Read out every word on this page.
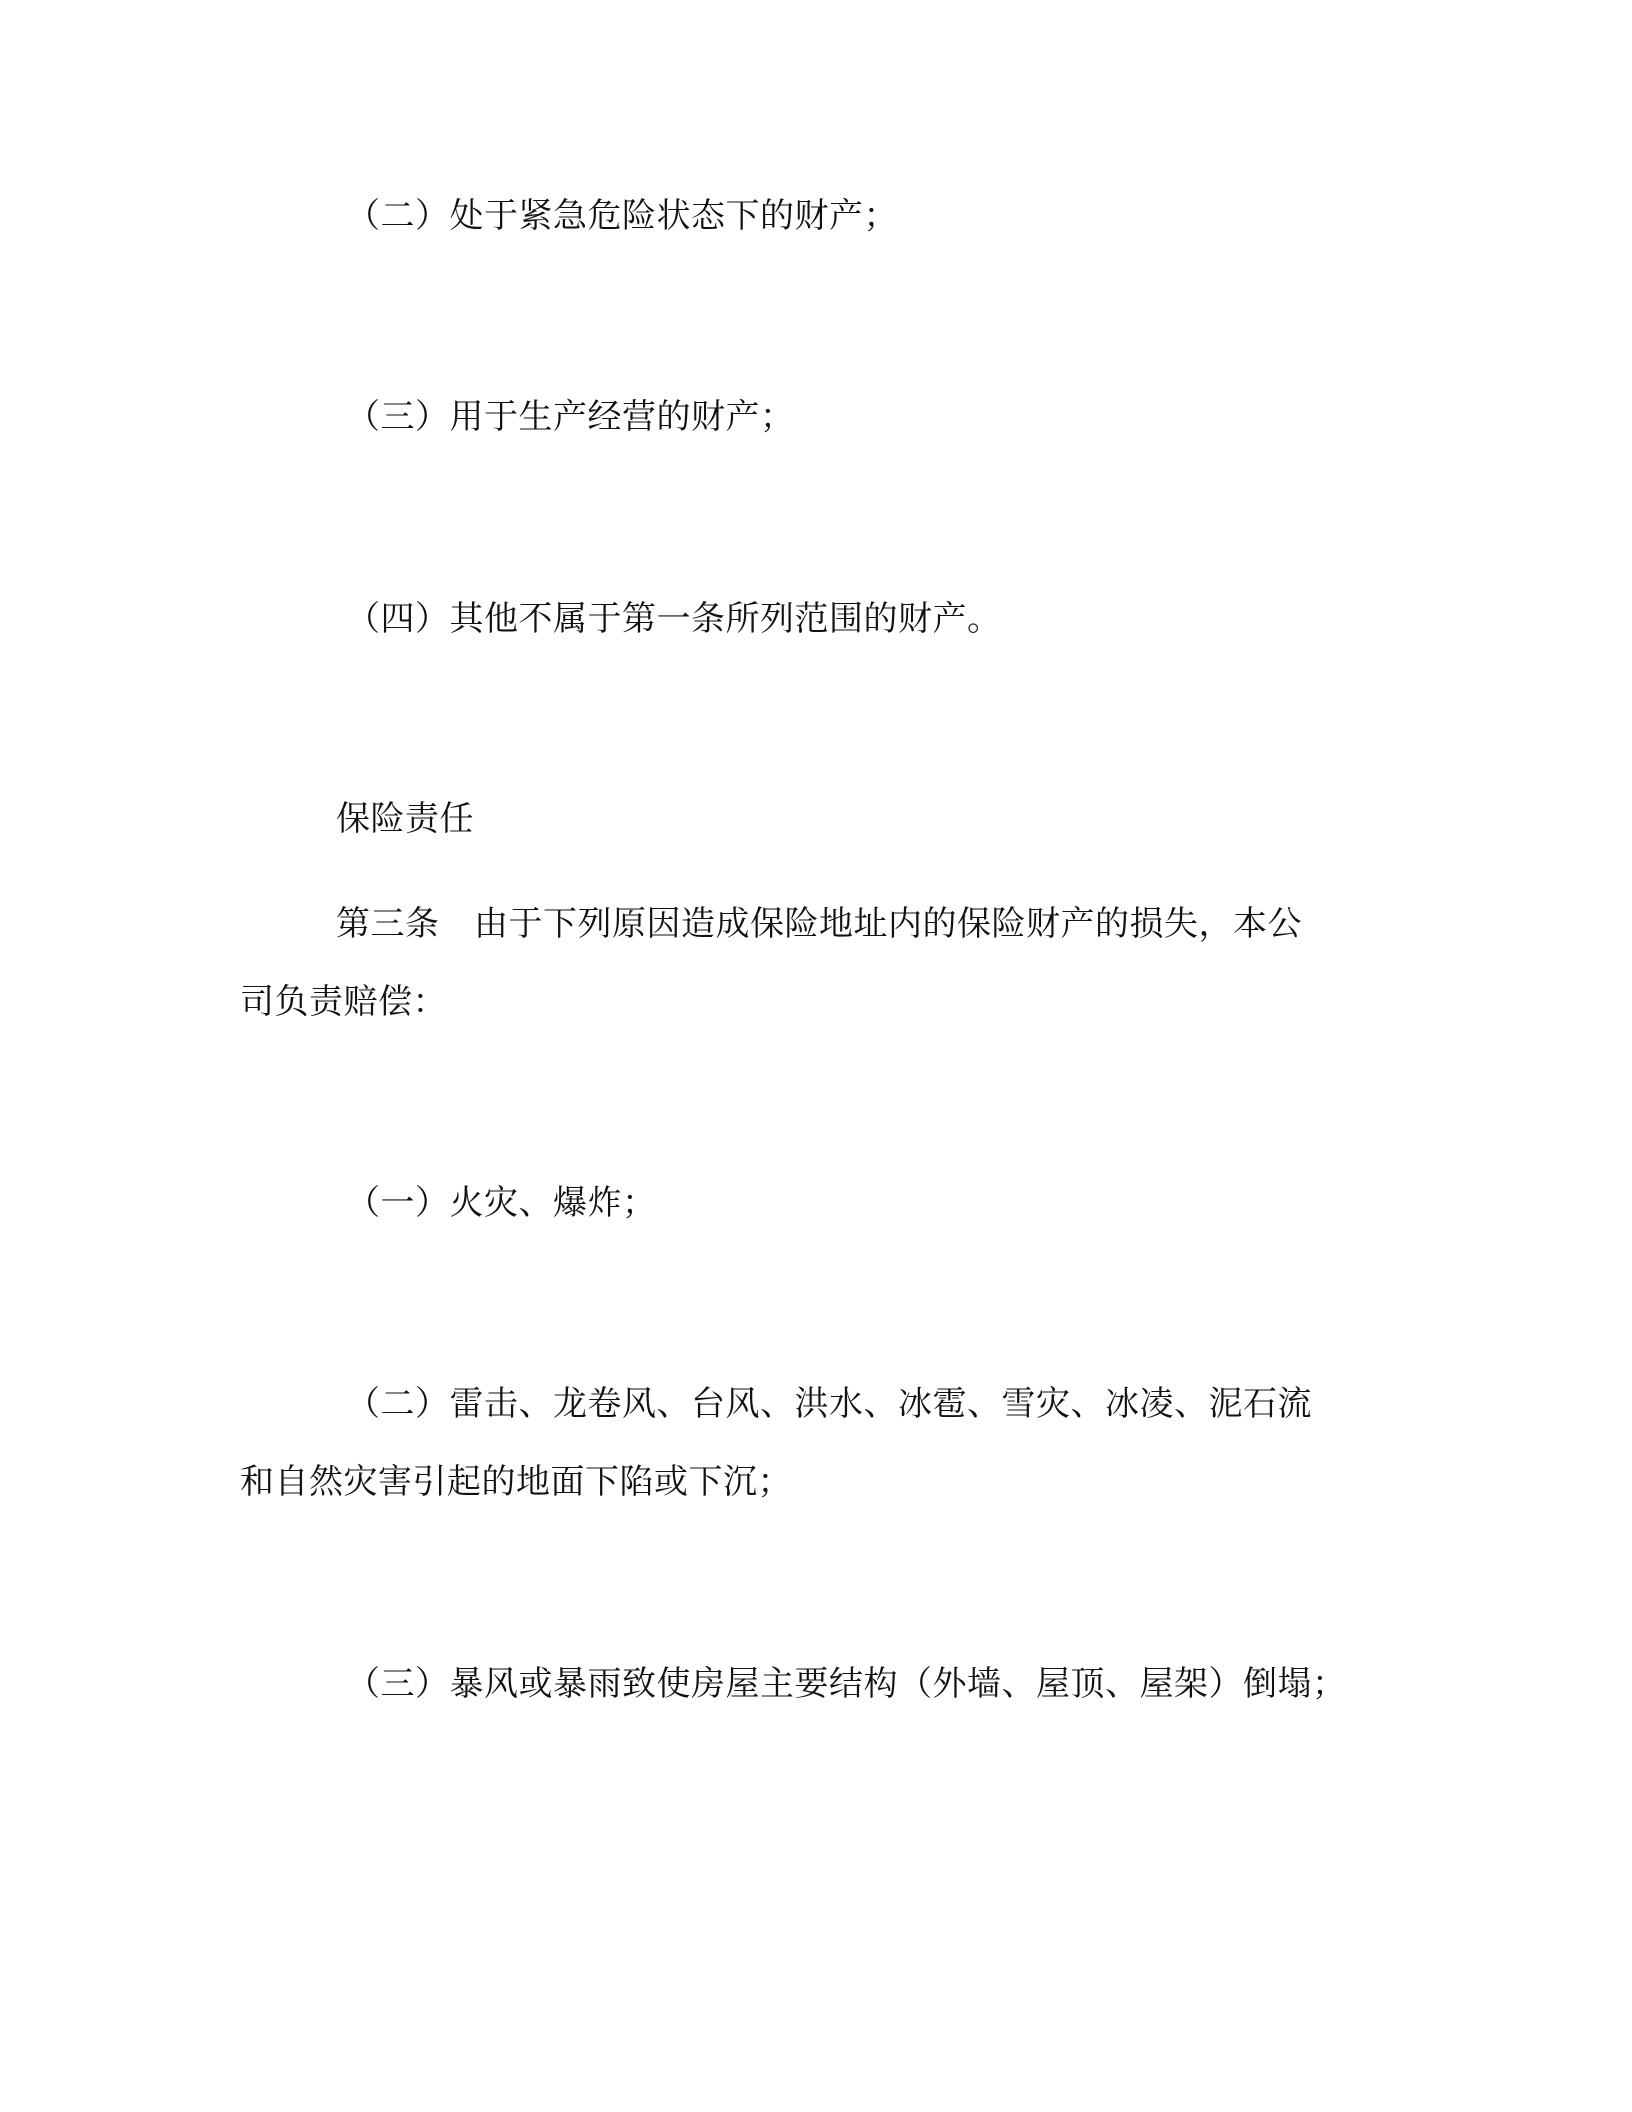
（二）处于紧急危险状态下的财产；
（三）用于生产经营的财产；
（四）其他不属于第一条所列范围的财产。
保险责任
第三条　由于下列原因造成保险地址内的保险财产的损失，本公
司负责赔偿：
（一）火灾、爆炸；
（二）雷击、龙卷风、台风、洪水、冰雹、雪灾、冰凌、泥石流
和自然灾害引起的地面下陷或下沉；
（三）暴风或暴雨致使房屋主要结构（外墙、屋顶、屋架）倒塌；
